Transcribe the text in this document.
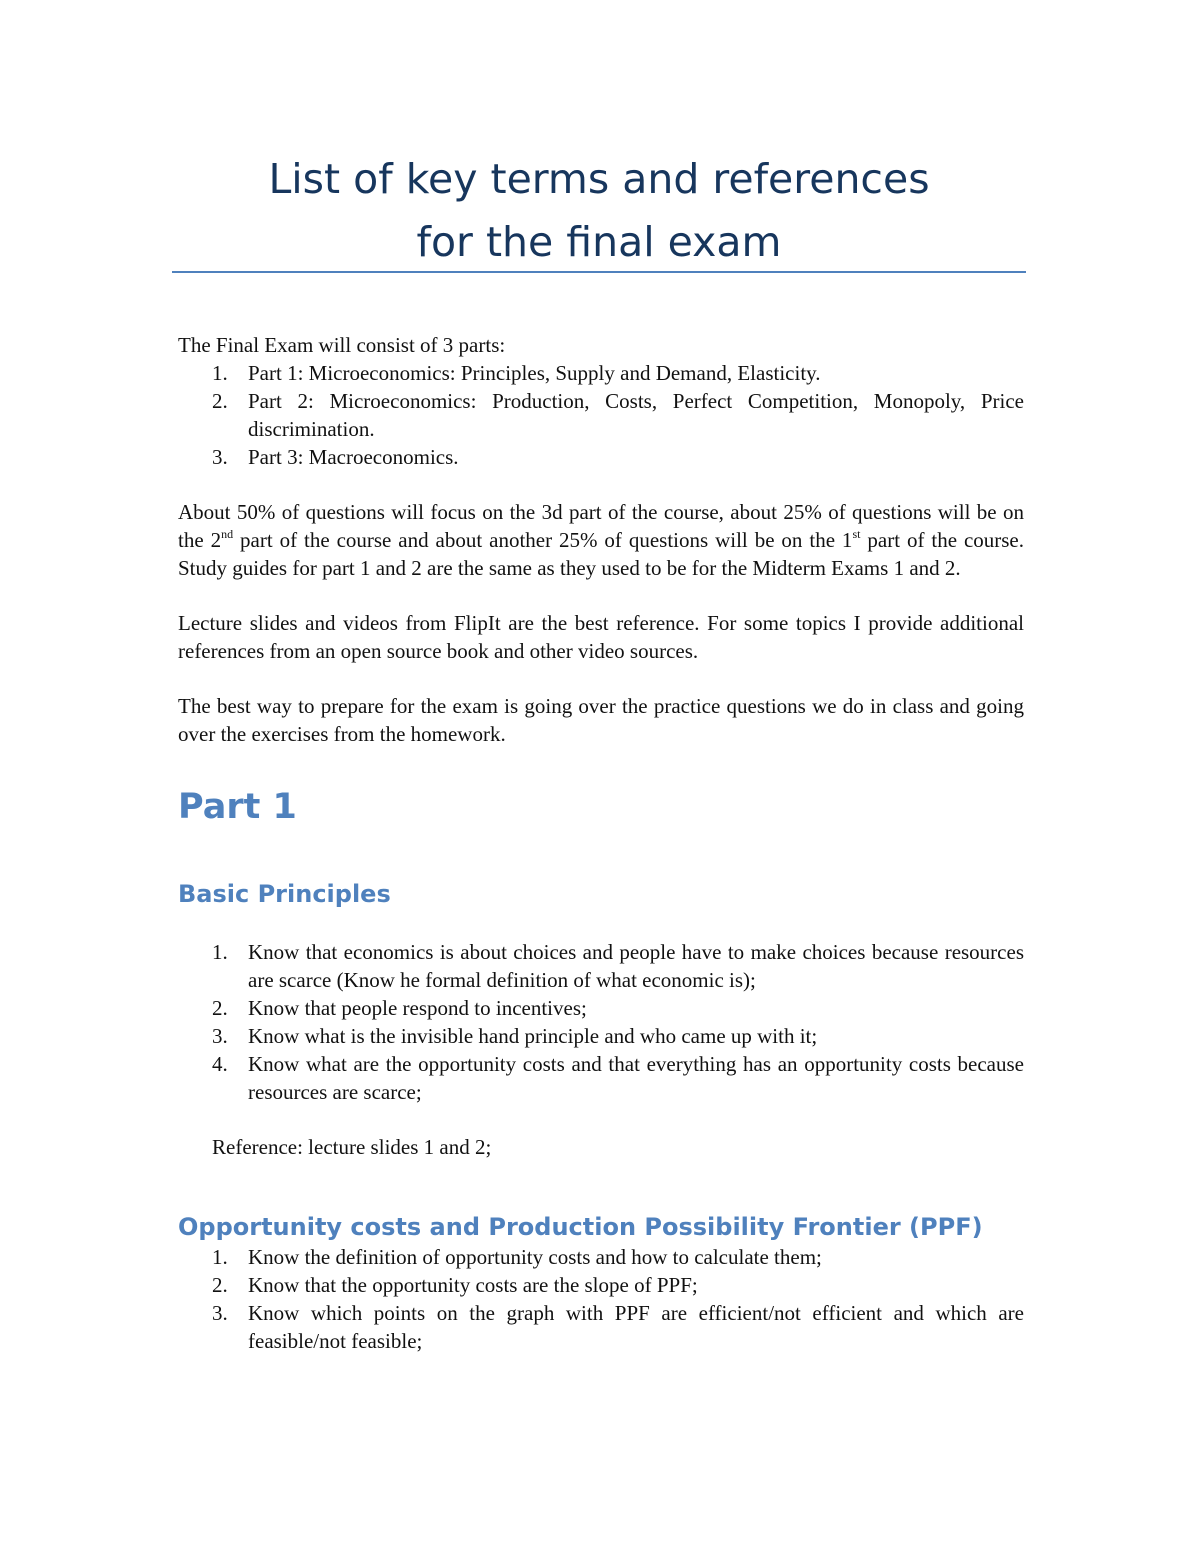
List of key terms and references
for the final exam

The Final Exam will consist of 3 parts:

1. Part 1: Microeconomics: Principles, Supply and Demand, Elasticity.
2. Part 2: Microeconomics: Production, Costs, Perfect Competition, Monopoly, Price discrimination.
3. Part 3: Macroeconomics.

About 50% of questions will focus on the 3d part of the course, about 25% of questions will be on the 2nd part of the course and about another 25% of questions will be on the 1st part of the course. Study guides for part 1 and 2 are the same as they used to be for the Midterm Exams 1 and 2.

Lecture slides and videos from FlipIt are the best reference. For some topics I provide additional references from an open source book and other video sources.

The best way to prepare for the exam is going over the practice questions we do in class and going over the exercises from the homework.

Part 1
Basic Principles
1. Know that economics is about choices and people have to make choices because resources are scarce (Know he formal definition of what economic is);
2. Know that people respond to incentives;
3. Know what is the invisible hand principle and who came up with it;
4. Know what are the opportunity costs and that everything has an opportunity costs because resources are scarce;

Reference: lecture slides 1 and 2;

Opportunity costs and Production Possibility Frontier (PPF)
1. Know the definition of opportunity costs and how to calculate them;
2. Know that the opportunity costs are the slope of PPF;
3. Know which points on the graph with PPF are efficient/not efficient and which are feasible/not feasible;
